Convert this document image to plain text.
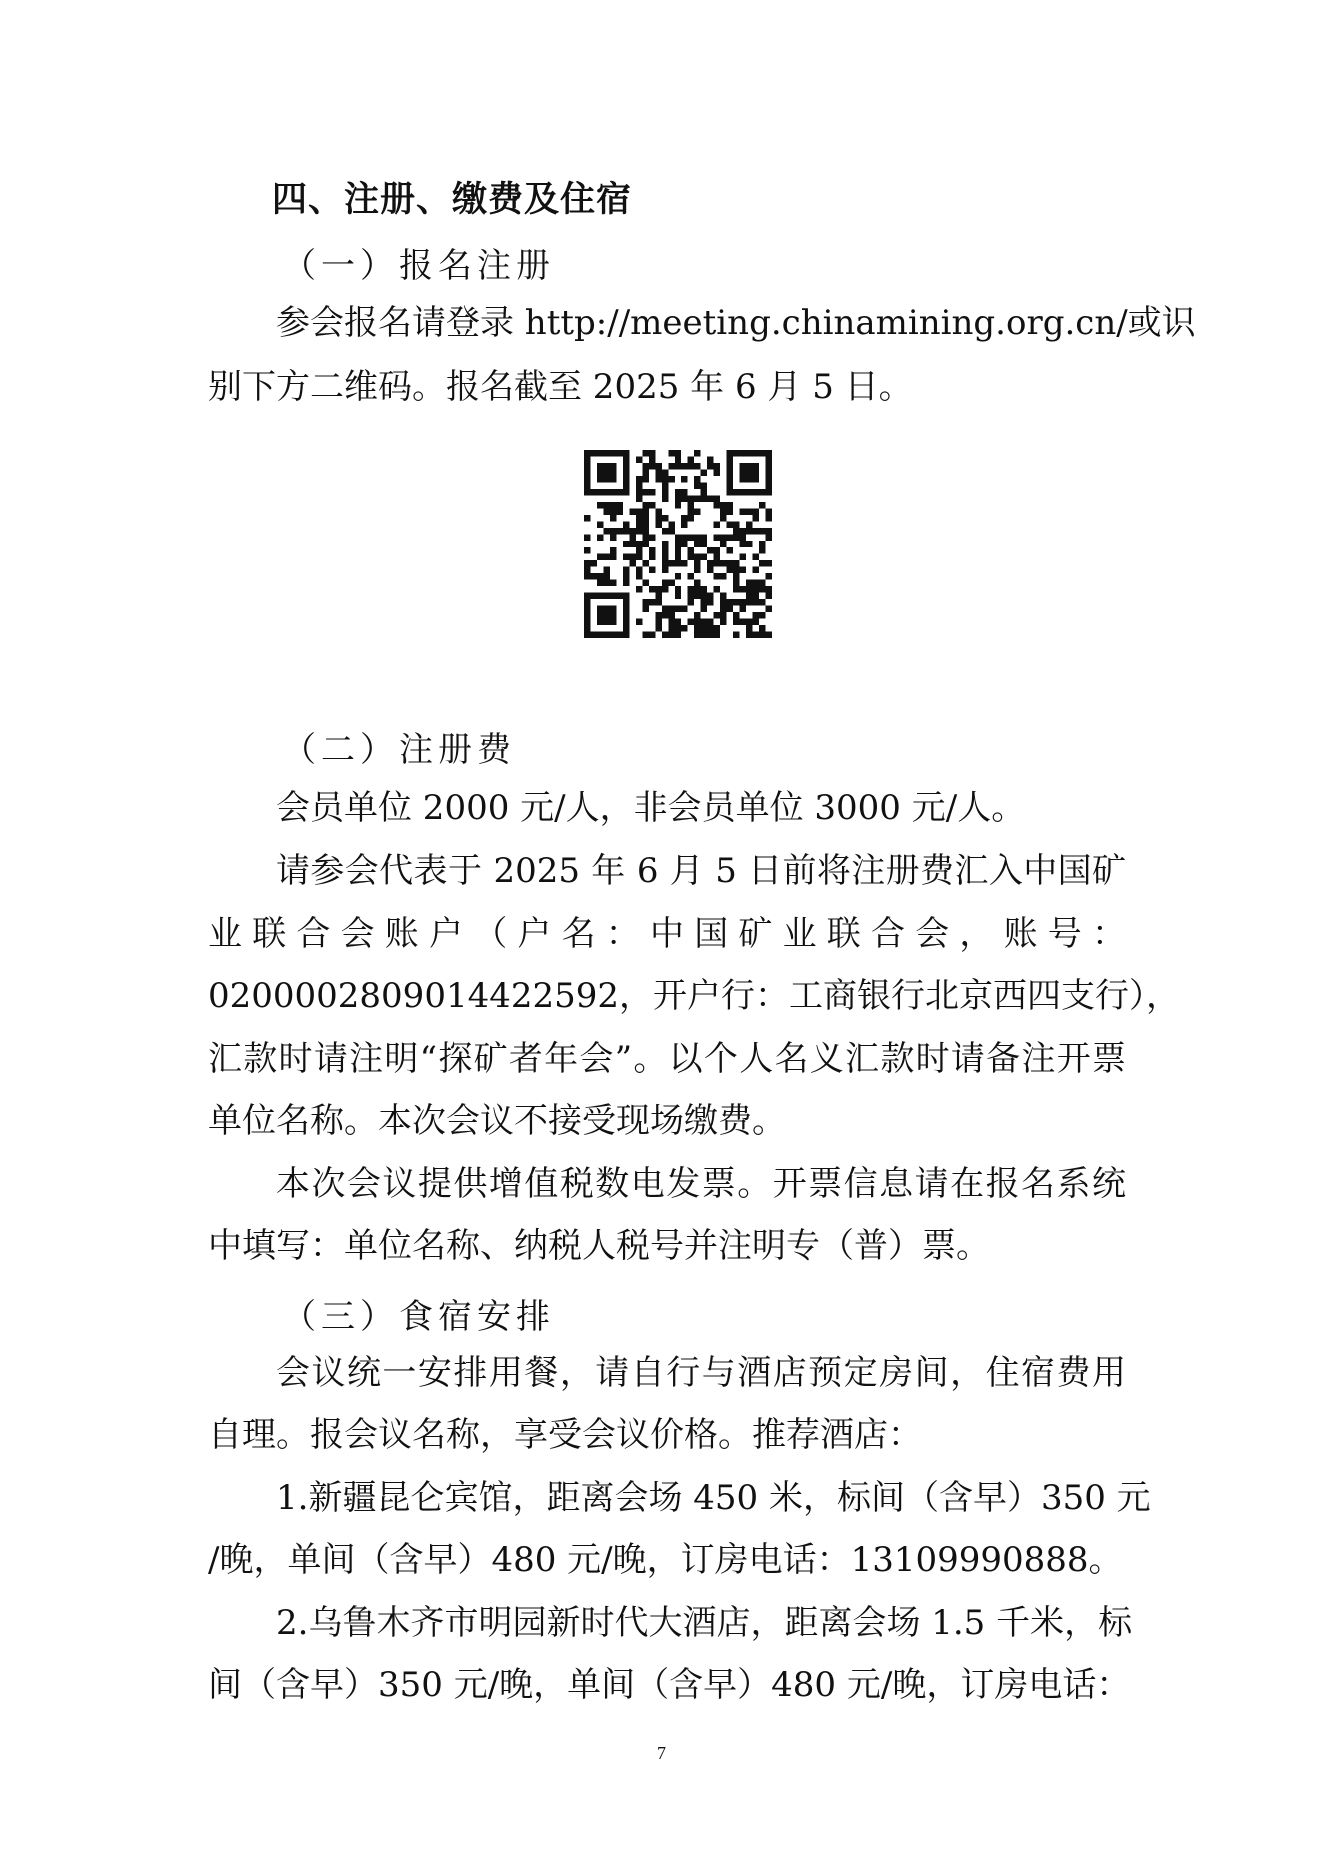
四、注册、缴费及住宿
（一）报名注册
参会报名请登录 http://meeting.chinamining.org.cn/或识
别下方二维码。报名截至 2025 年 6 月 5 日。
（二）注册费
会员单位 2000 元/人，非会员单位 3000 元/人。
请参会代表于 2025 年 6 月 5 日前将注册费汇入中国矿
业联合会账户（户名：中国矿业联合会，账号：
0200002809014422592，开户行：工商银行北京西四支行），
汇款时请注明“探矿者年会”。以个人名义汇款时请备注开票
单位名称。本次会议不接受现场缴费。
本次会议提供增值税数电发票。开票信息请在报名系统
中填写：单位名称、纳税人税号并注明专（普）票。
（三）食宿安排
会议统一安排用餐，请自行与酒店预定房间，住宿费用
自理。报会议名称，享受会议价格。推荐酒店：
1.新疆昆仑宾馆，距离会场 450 米，标间（含早）350 元
/晚，单间（含早）480 元/晚，订房电话：13109990888。
2.乌鲁木齐市明园新时代大酒店，距离会场 1.5 千米，标
间（含早）350 元/晚，单间（含早）480 元/晚，订房电话：
7
